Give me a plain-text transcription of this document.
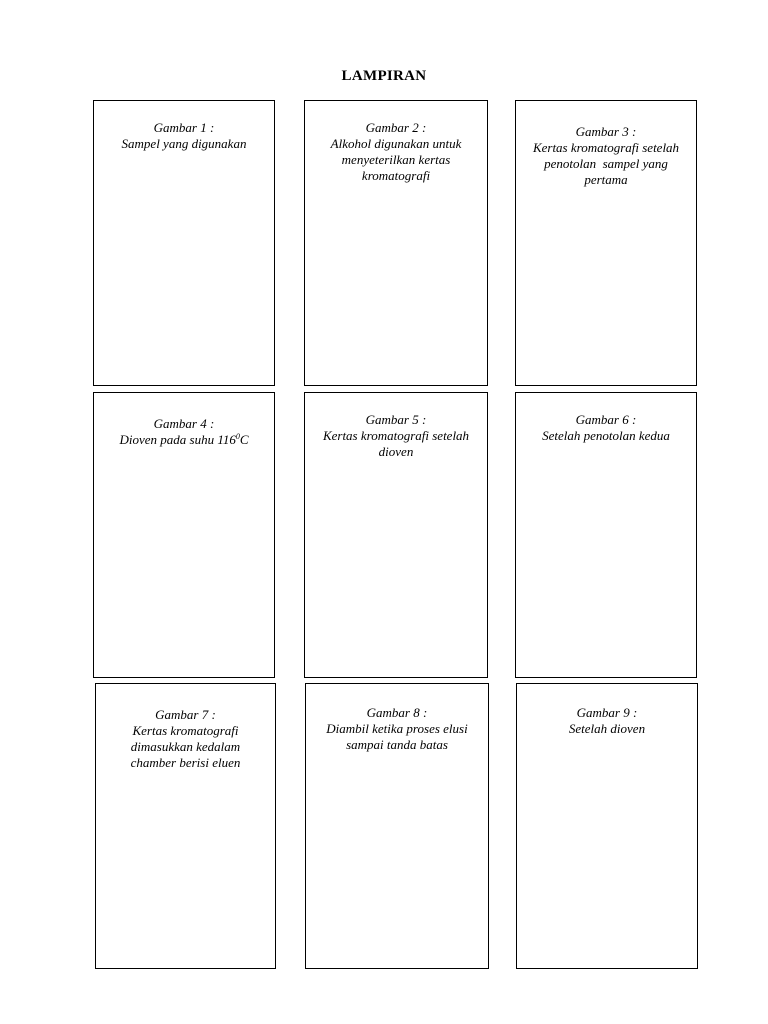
LAMPIRAN
Gambar 1 :
Sampel yang digunakan
Gambar 2 :
Alkohol digunakan untuk
menyeterilkan kertas
kromatografi
Gambar 3 :
Kertas kromatografi setelah
penotolan  sampel yang
pertama
Gambar 4 :
Dioven pada suhu $116^0C$
Gambar 5 :
Kertas kromatografi setelah
dioven
Gambar 6 :
Setelah penotolan kedua
Gambar 7 :
Kertas kromatografi
dimasukkan kedalam
chamber berisi eluen
Gambar 8 :
Diambil ketika proses elusi
sampai tanda batas
Gambar 9 :
Setelah dioven
